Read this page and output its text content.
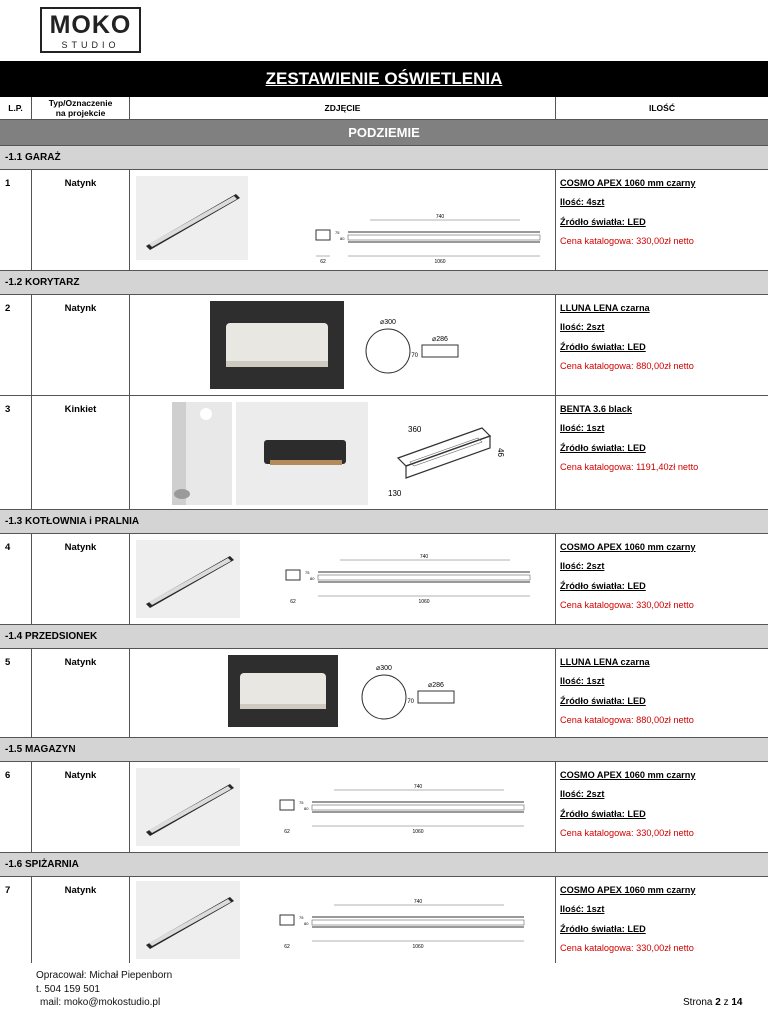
MOKO
STUDIO
ZESTAWIENIE OŚWIETLENIA
L.P.	Typ/Oznaczenie
na projekcie	ZDJĘCIE	ILOŚĆ
PODZIEMIE
-1.1 GARAŻ
1	Natynk
740
1060
62
75
80
COSMO APEX 1060 mm czarny
Ilość: 4szt
Źródło światła: LED
Cena katalogowa: 330,00zł netto
-1.2 KORYTARZ
2	Natynk
⌀300
⌀286
70
LLUNA LENA czarna
Ilość: 2szt
Źródło światła: LED
Cena katalogowa: 880,00zł netto
3	Kinkiet
360
46
130
BENTA 3.6 black
Ilość: 1szt
Źródło światła: LED
Cena katalogowa: 1191,40zł netto
-1.3 KOTŁOWNIA i PRALNIA
4	Natynk
740
1060
62
75
80
COSMO APEX 1060 mm czarny
Ilość: 2szt
Źródło światła: LED
Cena katalogowa: 330,00zł netto
-1.4 PRZEDSIONEK
5	Natynk
⌀300
⌀286
70
LLUNA LENA czarna
Ilość: 1szt
Źródło światła: LED
Cena katalogowa: 880,00zł netto
-1.5 MAGAZYN
6	Natynk
740
1060
62
75
80
COSMO APEX 1060 mm czarny
Ilość: 2szt
Źródło światła: LED
Cena katalogowa: 330,00zł netto
-1.6 SPIŻARNIA
7	Natynk
740
1060
62
75
80
COSMO APEX 1060 mm czarny
Ilość: 1szt
Źródło światła: LED
Cena katalogowa: 330,00zł netto
Opracował: Michał Piepenborn
t. 504 159 501
mail: moko@mokostudio.pl	Strona 2 z 14
